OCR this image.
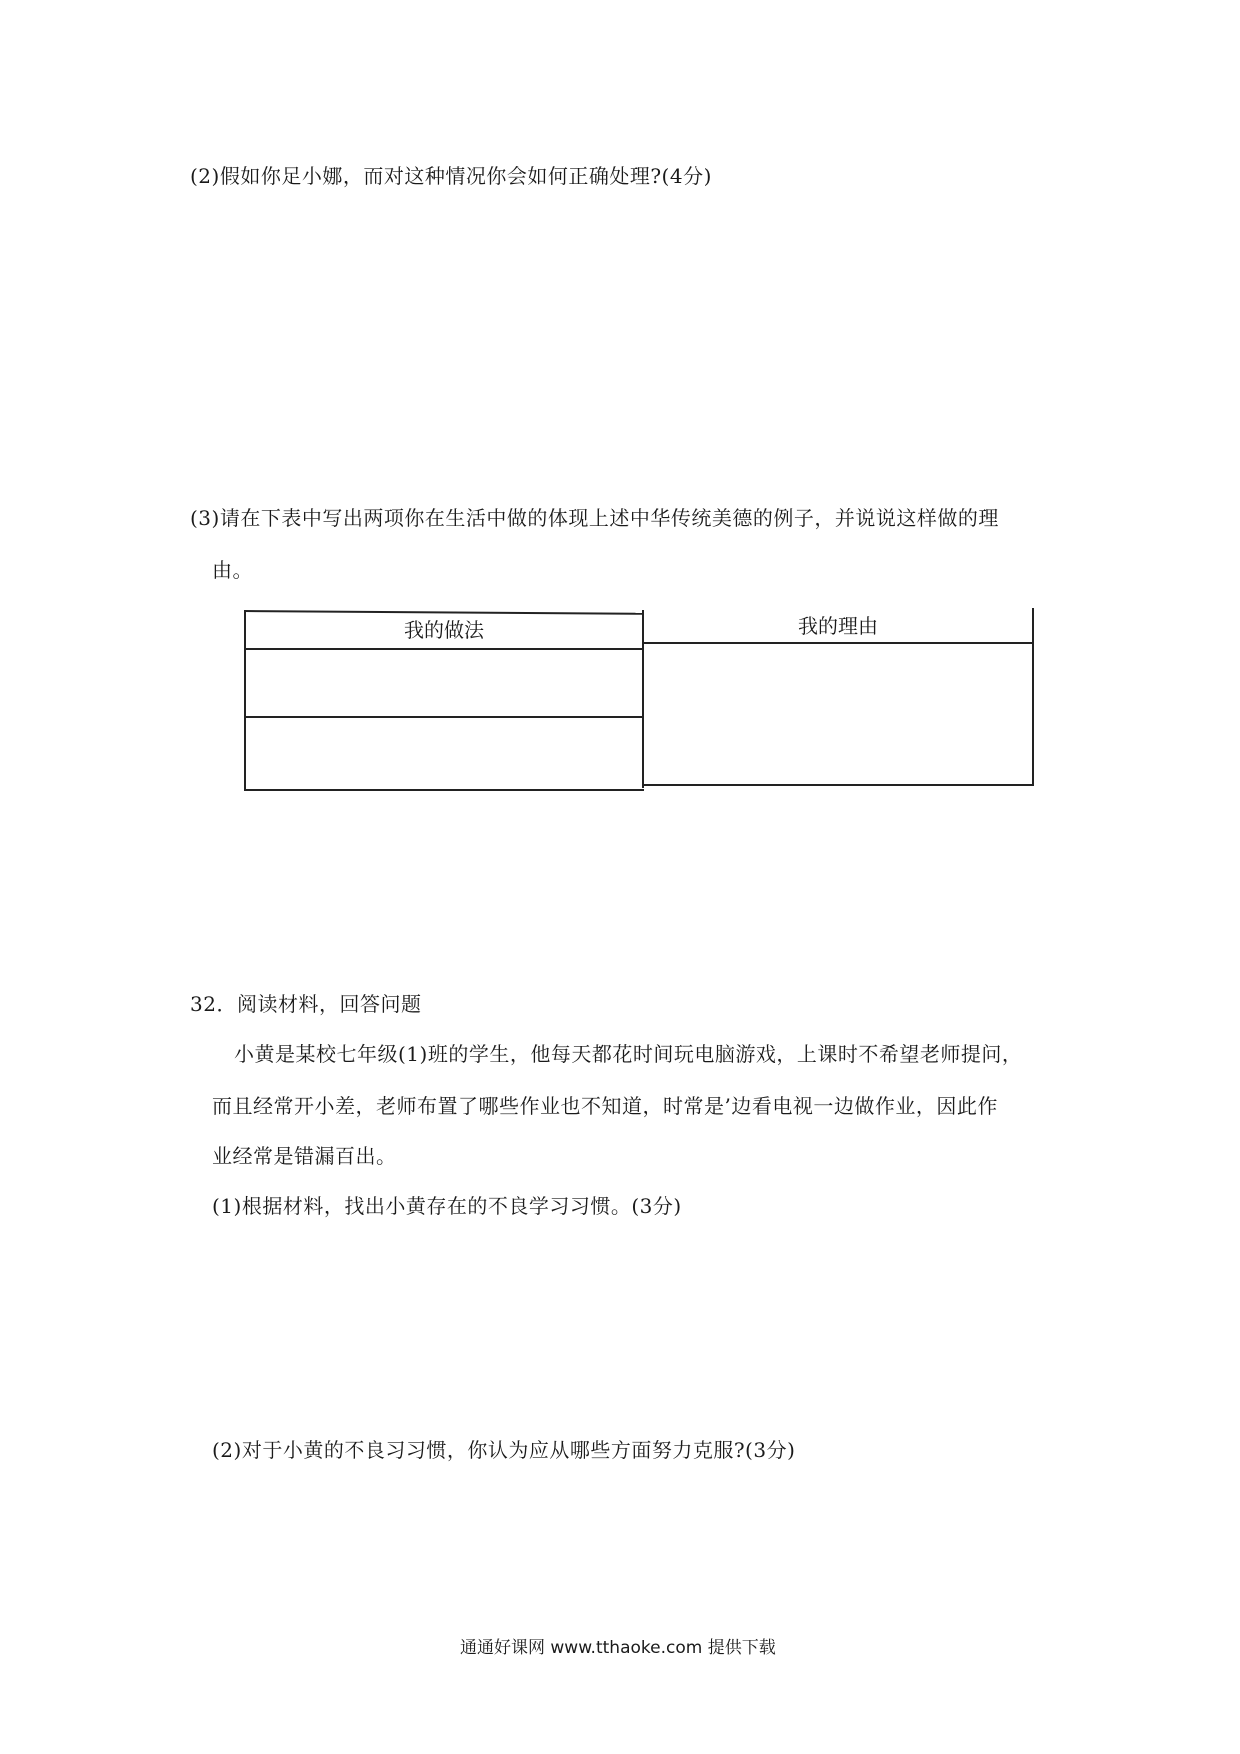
(2)假如你足小娜，而对这种情况你会如何正确处理?(4分)
(3)请在下表中写出两项你在生活中做的体现上述中华传统美德的例子，并说说这样做的理
由。
我的做法	我的理由
32．阅读材料，回答问题
小黄是某校七年级(1)班的学生，他每天都花时间玩电脑游戏，上课时不希望老师提问，
而且经常开小差，老师布置了哪些作业也不知道，时常是’边看电视一边做作业，因此作
业经常是错漏百出。
(1)根据材料，找出小黄存在的不良学习习惯。(3分)
(2)对于小黄的不良习习惯，你认为应从哪些方面努力克服?(3分)
通通好课网 www.tthaoke.com 提供下载
